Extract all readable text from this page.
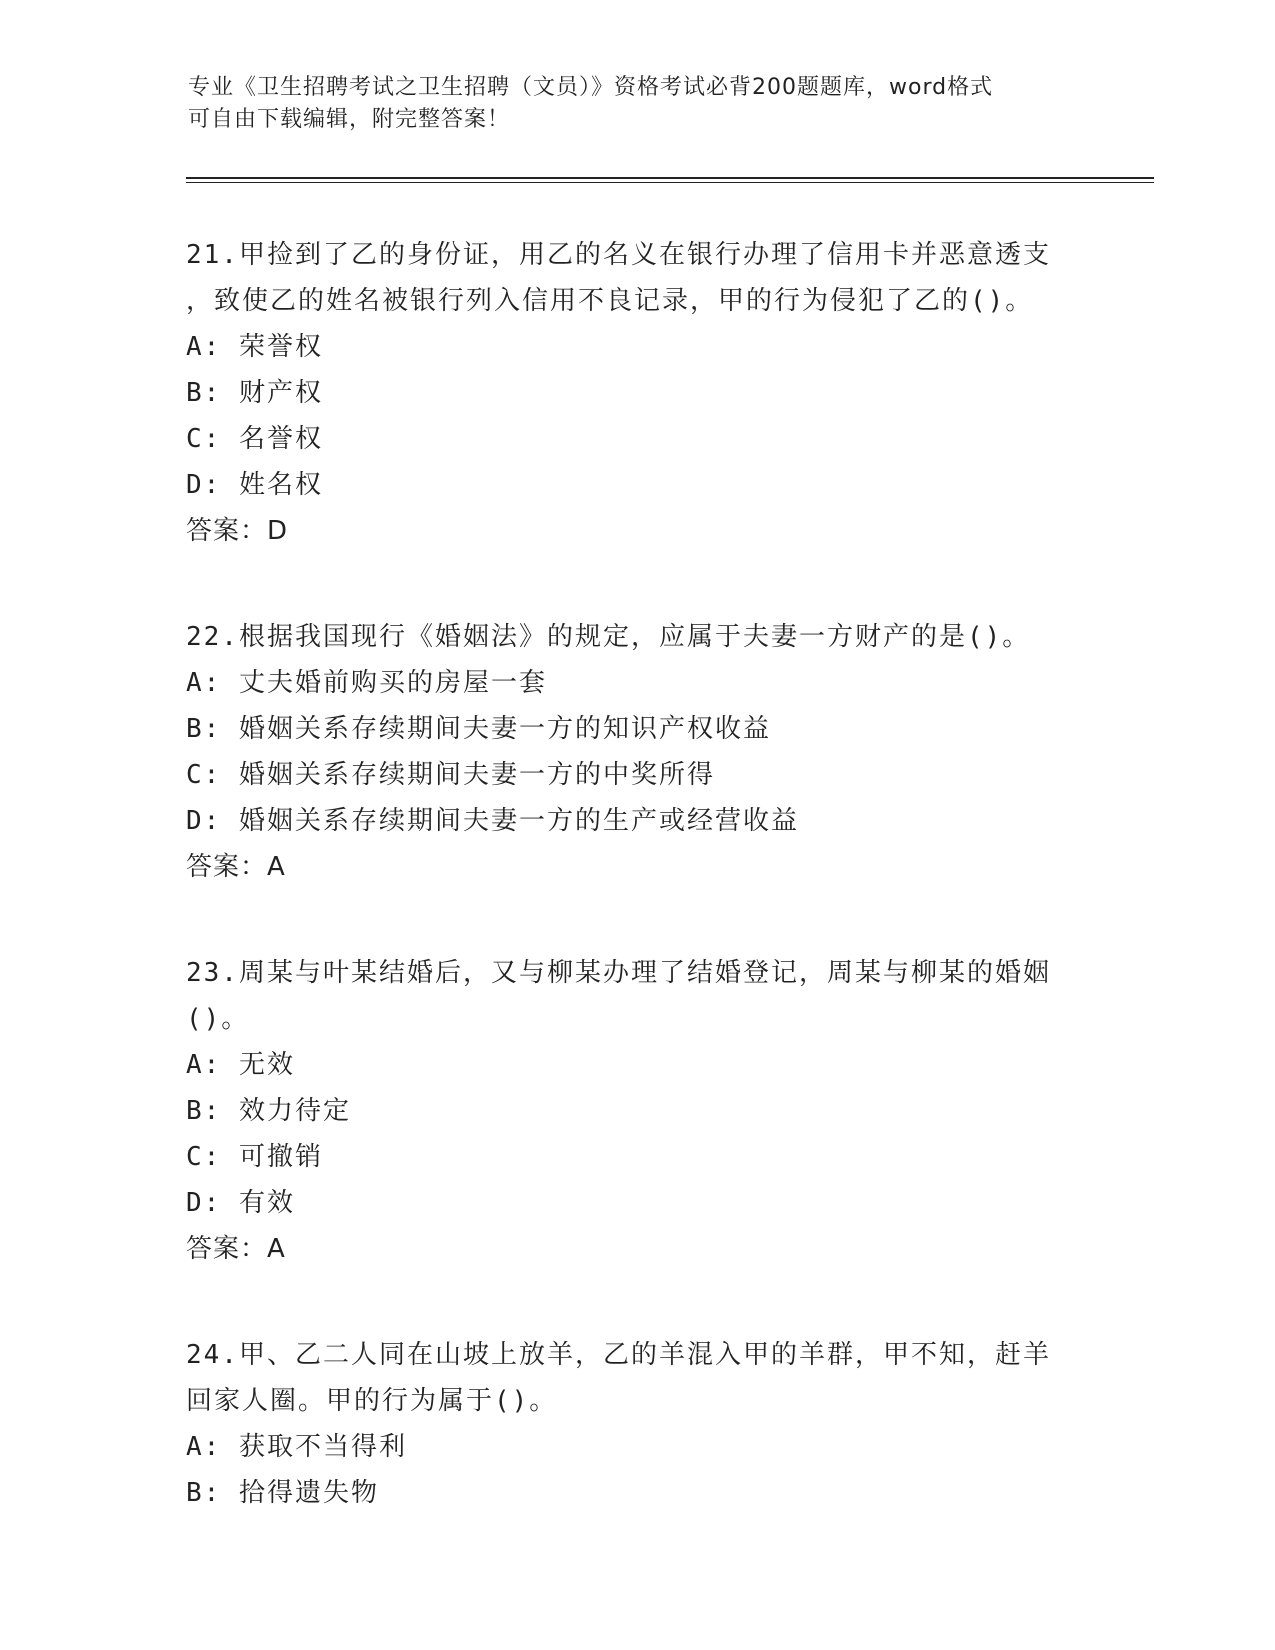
专业《卫生招聘考试之卫生招聘（文员）》资格考试必背200题题库，word格式
可自由下载编辑，附完整答案！
21.甲捡到了乙的身份证，用乙的名义在银行办理了信用卡并恶意透支
，致使乙的姓名被银行列入信用不良记录，甲的行为侵犯了乙的()。
A: 荣誉权
B: 财产权
C: 名誉权
D: 姓名权
答案：D
22.根据我国现行《婚姻法》的规定，应属于夫妻一方财产的是()。
A: 丈夫婚前购买的房屋一套
B: 婚姻关系存续期间夫妻一方的知识产权收益
C: 婚姻关系存续期间夫妻一方的中奖所得
D: 婚姻关系存续期间夫妻一方的生产或经营收益
答案：A
23.周某与叶某结婚后，又与柳某办理了结婚登记，周某与柳某的婚姻
()。
A: 无效
B: 效力待定
C: 可撤销
D: 有效
答案：A
24.甲、乙二人同在山坡上放羊，乙的羊混入甲的羊群，甲不知，赶羊
回家人圈。甲的行为属于()。
A: 获取不当得利
B: 拾得遗失物
